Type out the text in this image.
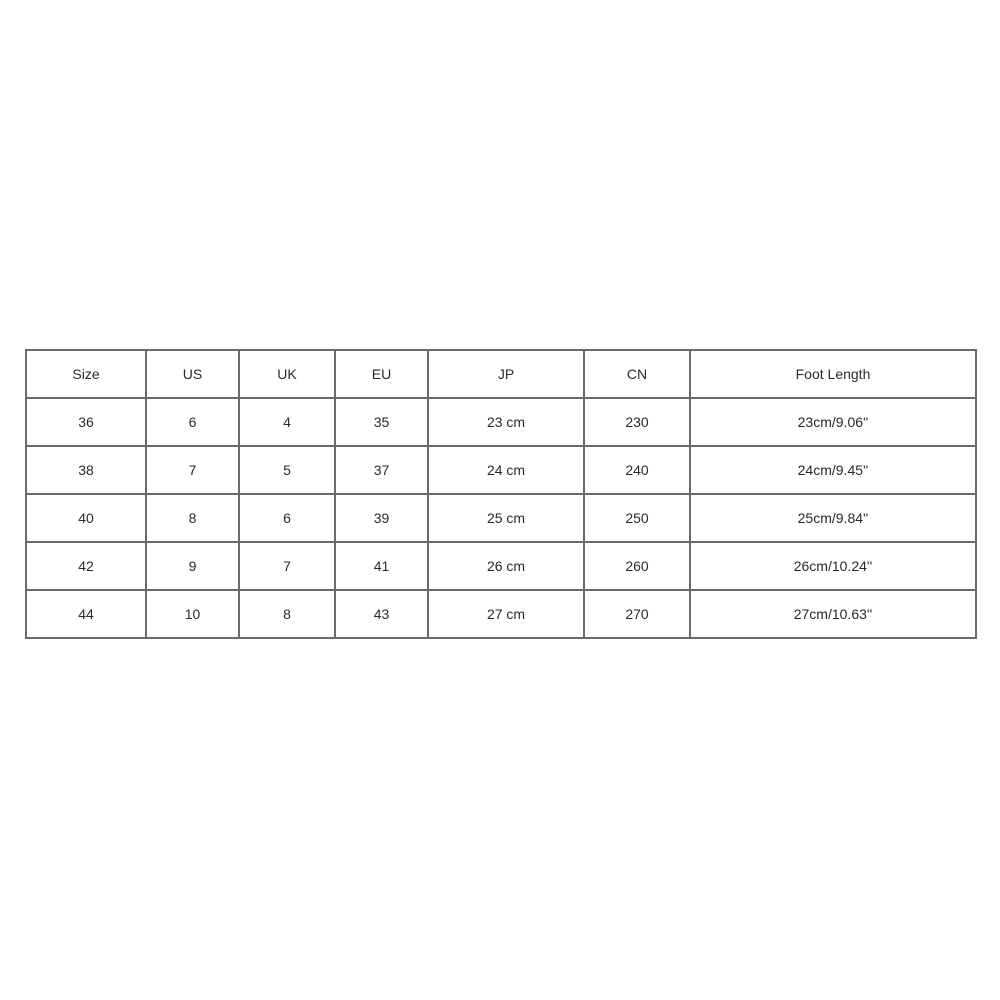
Size	US	UK	EU	JP	CN	Foot Length
36	6	4	35	23 cm	230	23cm/9.06''
38	7	5	37	24 cm	240	24cm/9.45''
40	8	6	39	25 cm	250	25cm/9.84''
42	9	7	41	26 cm	260	26cm/10.24''
44	10	8	43	27 cm	270	27cm/10.63''
